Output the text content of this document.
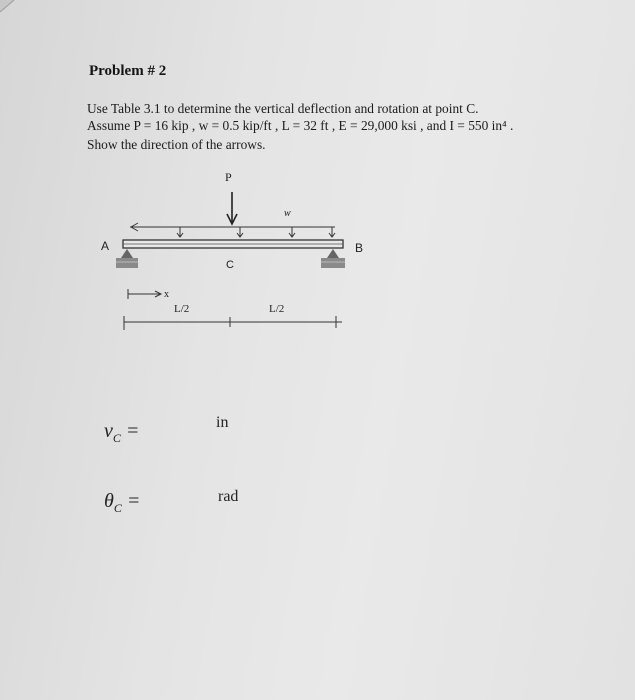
Problem # 2
Use Table 3.1 to determine the vertical deflection and rotation at point C.
Assume P = 16 kip , w = 0.5 kip/ft , L = 32 ft , E = 29,000 ksi , and I = 550 in⁴ .
Show the direction of the arrows.
P
w
A	B
C
x
L/2	L/2
$v_C$ =	in
$\theta_C$ =	rad
